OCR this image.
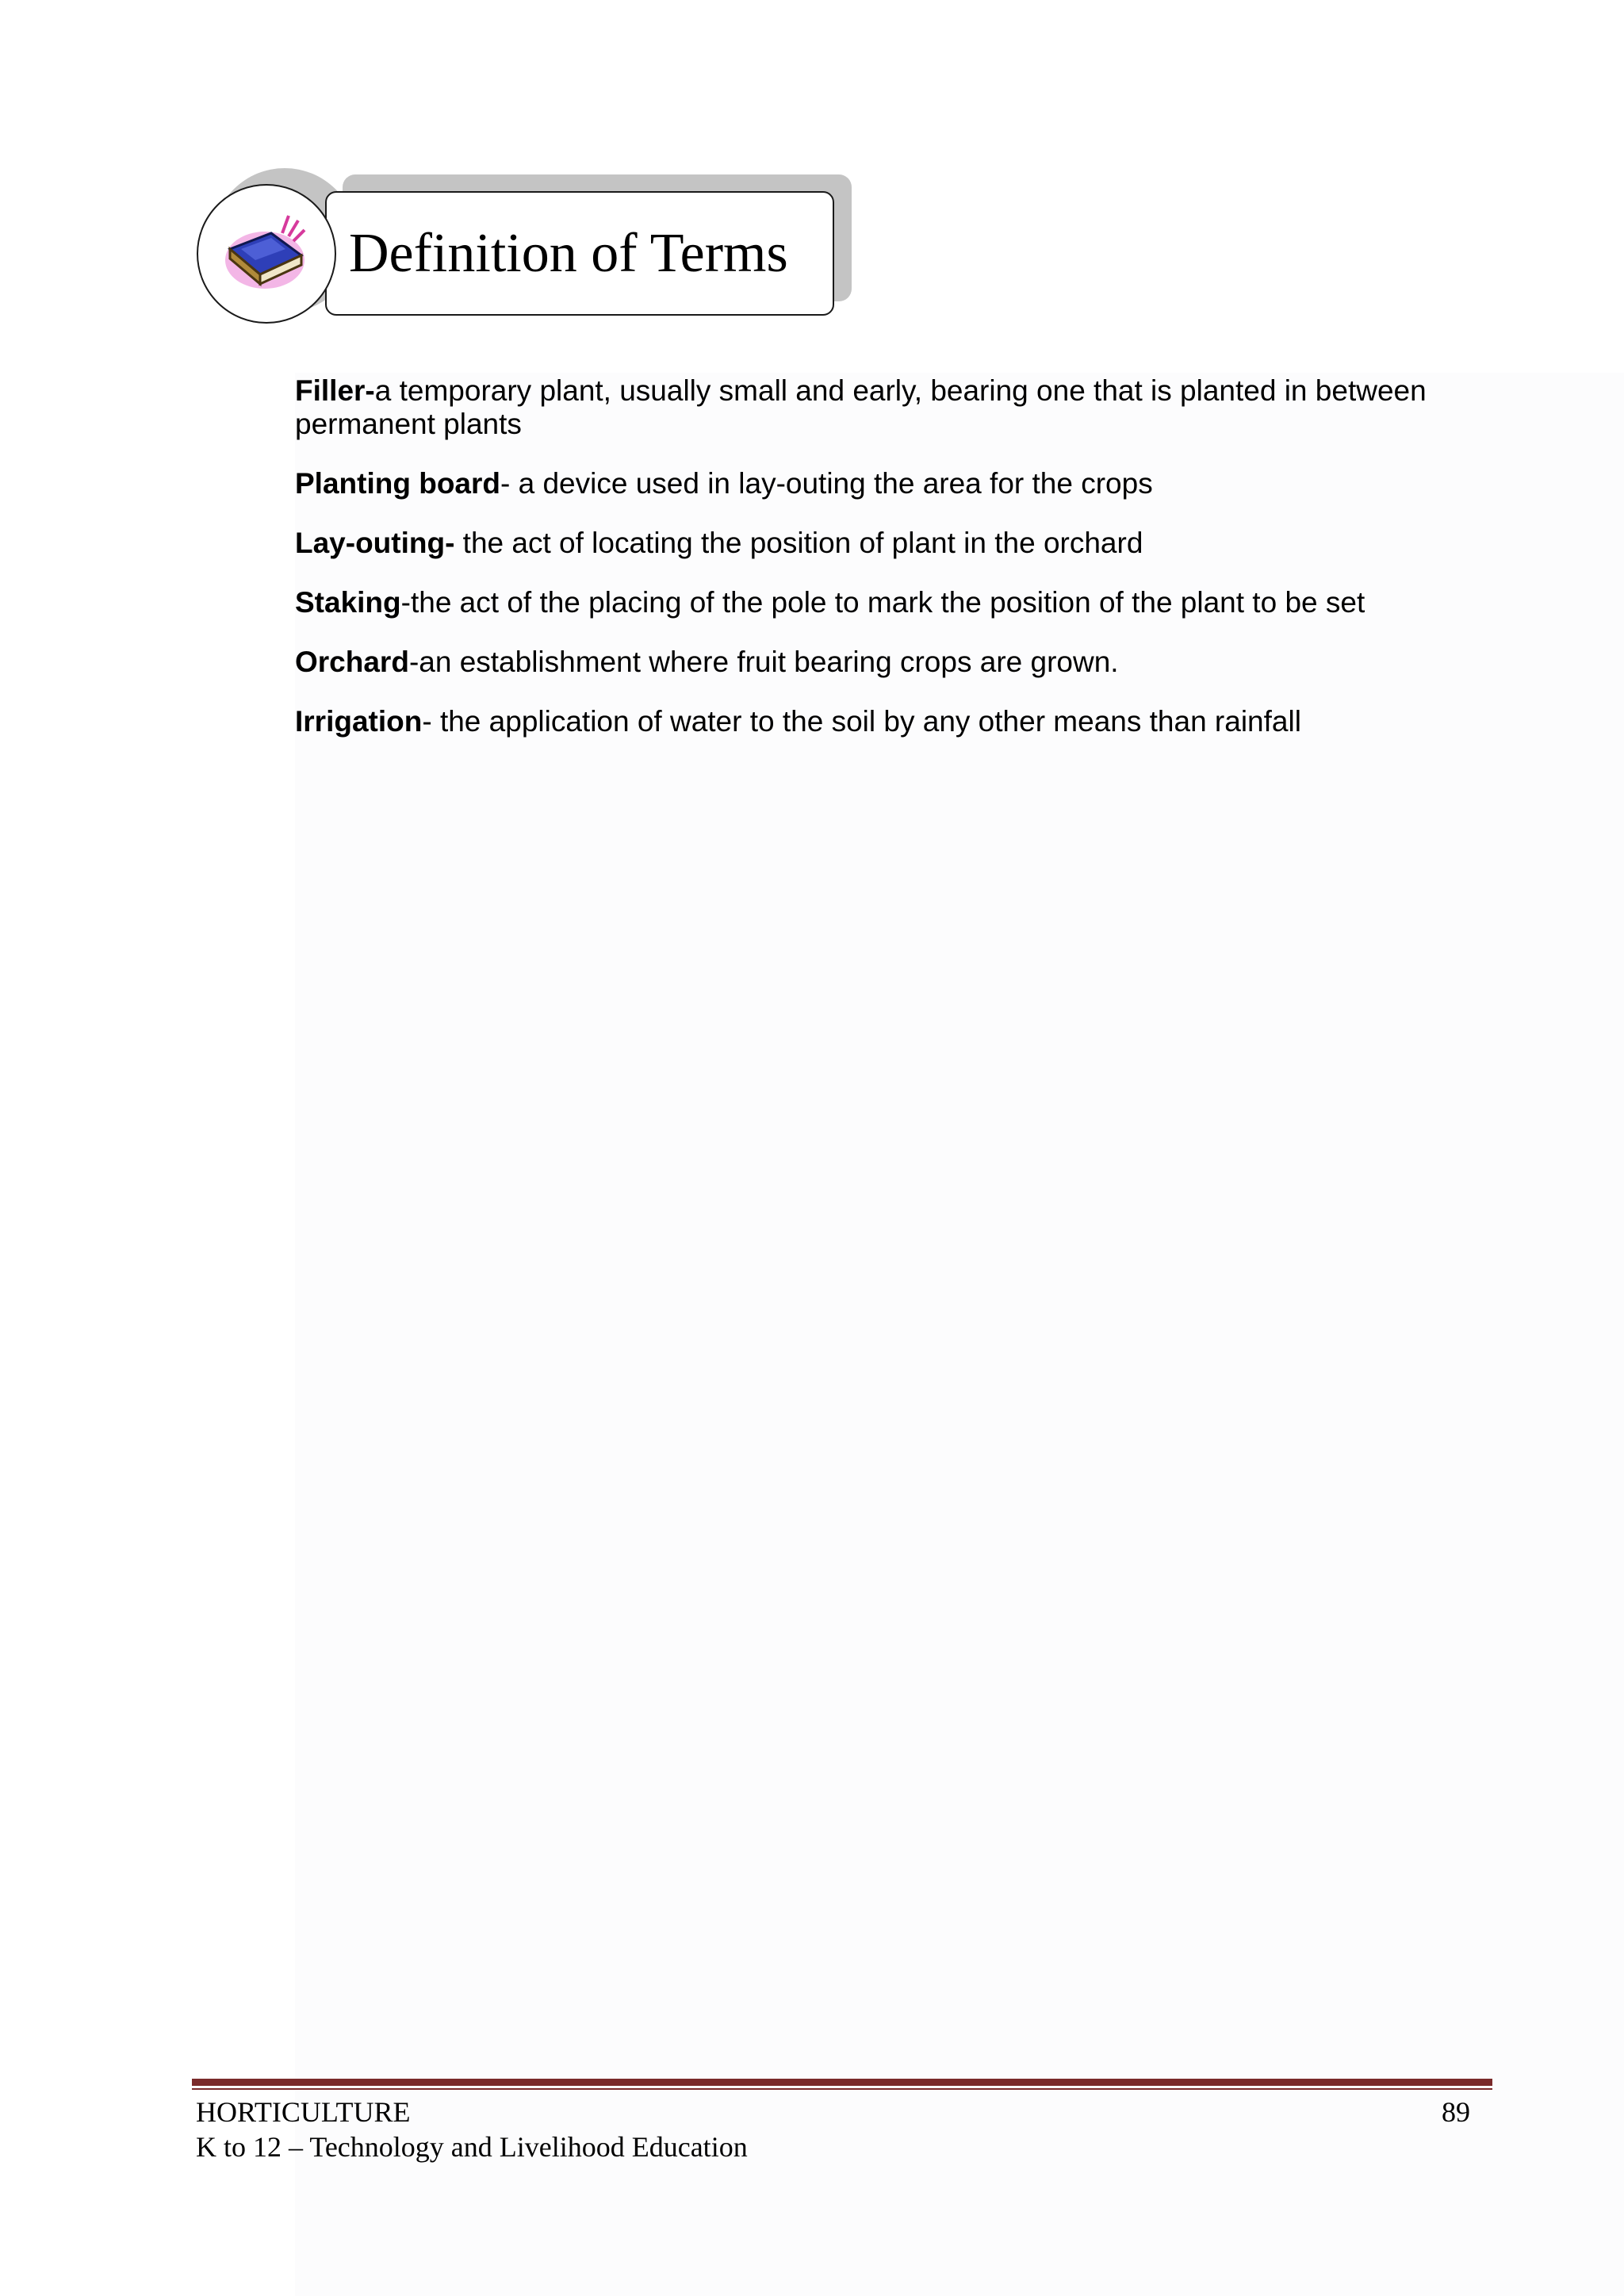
Definition of Terms
Filler-a temporary plant, usually small and early, bearing one that is planted in between permanent plants
Planting board- a device used in lay-outing the area for the crops
Lay-outing- the act of locating the position of plant in the orchard
Staking-the act of the placing of the pole to mark the position of the plant to be set
Orchard-an establishment where fruit bearing crops are grown.
Irrigation- the application of water to the soil by any other means than rainfall
HORTICULTURE
K to 12 – Technology and Livelihood Education
89
